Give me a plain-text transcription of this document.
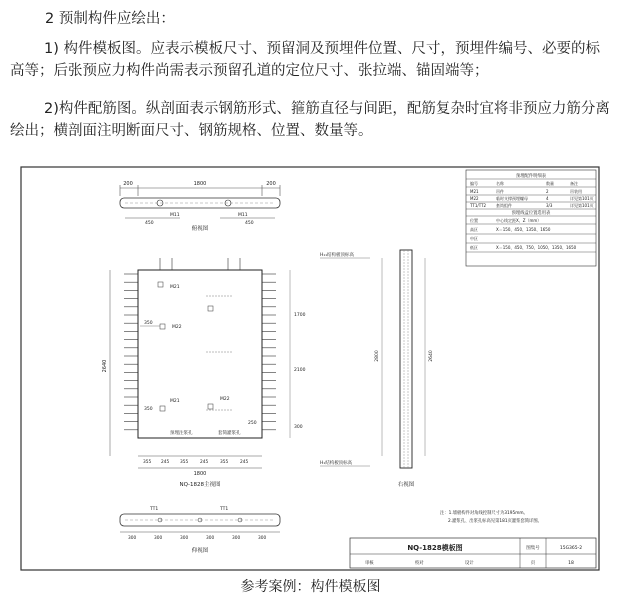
2 预制构件应绘出：
1) 构件模板图。应表示模板尺寸、预留洞及预埋件位置、尺寸，预埋件编号、必要的标高等；后张预应力构件尚需表示预留孔道的定位尺寸、张拉端、锚固端等；
2)构件配筋图。纵剖面表示钢筋形式、箍筋直径与间距，配筋复杂时宜将非预应力筋分离绘出；横剖面注明断面尺寸、钢筋规格、位置、数量等。
200	1800	200
M11	M11
450	450
俯视图
2640
M21
M22
M21	M22
350
350
250
1700
2100
300
预埋注浆孔	套筒灌浆孔
355 245	355	245	355	245
1800
NQ-1828主视图
H₁₁结构板顶标高
2800	2640
H₁结构板顶标高
右视图
TT1	TT1
300	300	300	300	300	300
仰视图
预埋配件明细表
编号	名称	数量	备注
M21	吊件	2	吊装用
M22	临时支撑预埋螺母	4	详见第101页
TT1/TT2 套筒组件	3/3	详见第101页
预埋线盒位置选用表
位置	中心线定距X、Z（mm）
高区	X＝150、450、1350、1650
中区
低区	X＝150、450、750、1050、1350、1650
注：1.墙板构件对角线控制尺寸为3195mm。
2.灌浆孔、出浆孔标高见第181页灌浆套筒详图。
NQ-1828模板图	图集号	15G365-2
审核	校对	设计	页	18
参考案例：构件模板图
